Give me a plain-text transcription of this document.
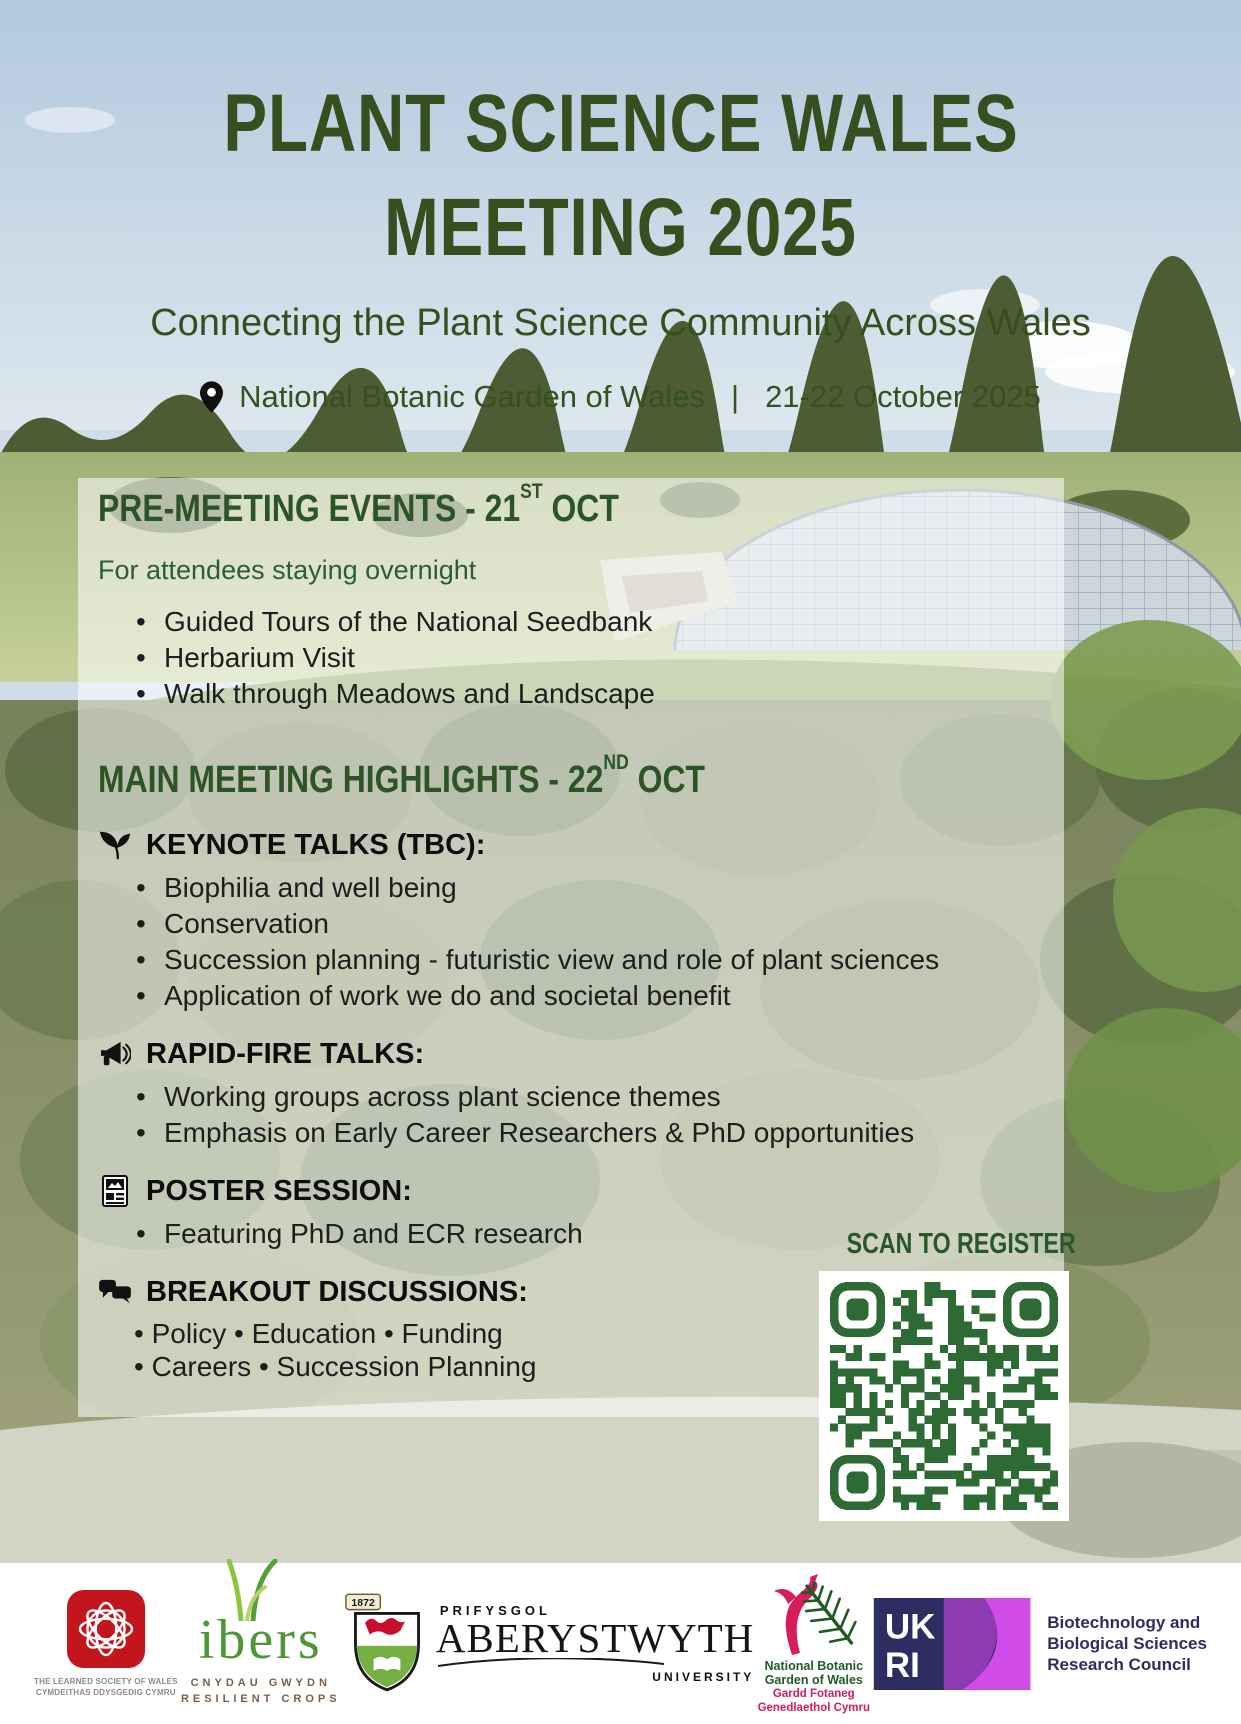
PLANT SCIENCE WALES
MEETING 2025
Connecting the Plant Science Community Across Wales
National Botanic Garden of Wales | 21-22 October 2025
PRE-MEETING EVENTS - 21ST OCT
For attendees staying overnight
• Guided Tours of the National Seedbank
• Herbarium Visit
• Walk through Meadows and Landscape
MAIN MEETING HIGHLIGHTS - 22ND OCT
KEYNOTE TALKS (TBC):
• Biophilia and well being
• Conservation
• Succession planning - futuristic view and role of plant sciences
• Application of work we do and societal benefit
RAPID-FIRE TALKS:
• Working groups across plant science themes
• Emphasis on Early Career Researchers & PhD opportunities
POSTER SESSION:
• Featuring PhD and ECR research
BREAKOUT DISCUSSIONS:
• Policy • Education • Funding
• Careers • Succession Planning
SCAN TO REGISTER
THE LEARNED SOCIETY OF WALES
CYMDEITHAS DDYSGEDIG CYMRU
ibers
CNYDAU GWYDN
RESILIENT CROPS
1872
PRIFYSGOL
ABERYSTWYTH
UNIVERSITY
National Botanic
Garden of Wales
Gardd Fotaneg
Genedlaethol Cymru
UK
RI
Biotechnology and
Biological Sciences
Research Council
